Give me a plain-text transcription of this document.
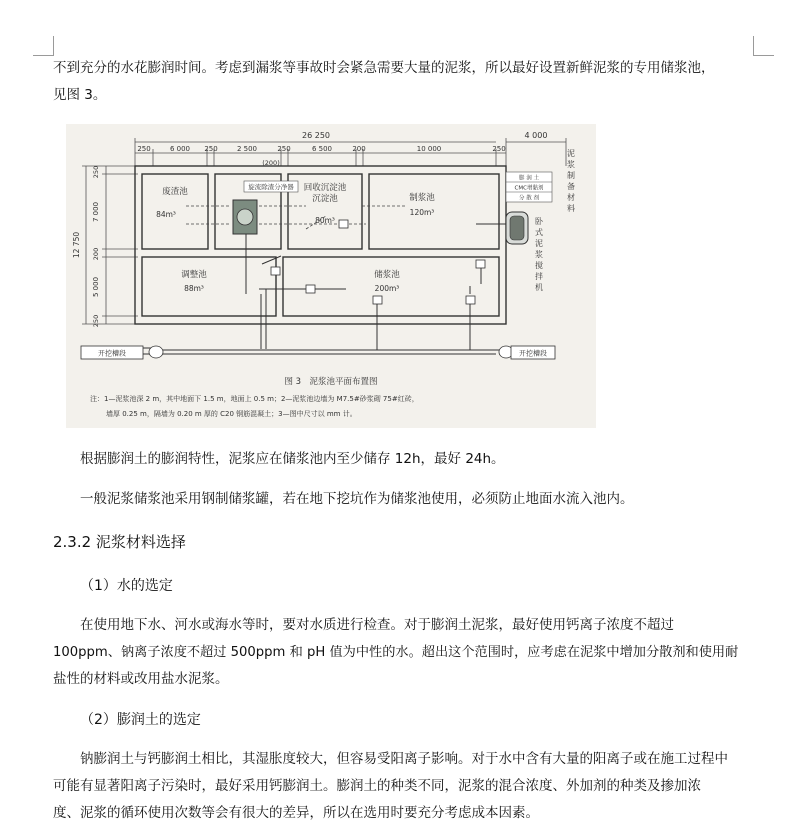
不到充分的水花膨润时间。考虑到漏浆等事故时会紧急需要大量的泥浆，所以最好设置新鲜泥浆的专用储浆池，

见图 3。

旋流除渣分净器
膨 润 土
CMC增黏剂
分 散 剂
26 250	4 000
250	6 000 250	2 500	250	6 500	200	10 000	250
(200)
250
7 000
200
5 000
250
12 750
废渣池
84m³
回收沉淀池
沉淀池
80m³
制浆池
120m³
调整池
88m³
储浆池
200m³
泥
浆
制
备
材
料
卧
式
泥
浆
搅
拌
机
开挖槽段	开挖槽段
图 3　泥浆池平面布置图
注：1—泥浆池深 2 m，其中地面下 1.5 m，地面上 0.5 m；2—泥浆池边墙为 M7.5#砂浆砌 75#红砖，
墙厚 0.25 m，隔墙为 0.20 m 厚的 C20 钢筋混凝土；3—图中尺寸以 mm 计。

根据膨润土的膨润特性，泥浆应在储浆池内至少储存 12h，最好 24h。

一般泥浆储浆池采用钢制储浆罐，若在地下挖坑作为储浆池使用，必须防止地面水流入池内。

2.3.2 泥浆材料选择
（1）水的选定

在使用地下水、河水或海水等时，要对水质进行检查。对于膨润土泥浆，最好使用钙离子浓度不超过

100ppm、钠离子浓度不超过 500ppm 和 pH 值为中性的水。超出这个范围时，应考虑在泥浆中增加分散剂和使用耐

盐性的材料或改用盐水泥浆。

（2）膨润土的选定

钠膨润土与钙膨润土相比，其湿胀度较大，但容易受阳离子影响。对于水中含有大量的阳离子或在施工过程中

可能有显著阳离子污染时，最好采用钙膨润土。膨润土的种类不同，泥浆的混合浓度、外加剂的种类及掺加浓

度、泥浆的循环使用次数等会有很大的差异，所以在选用时要充分考虑成本因素。
